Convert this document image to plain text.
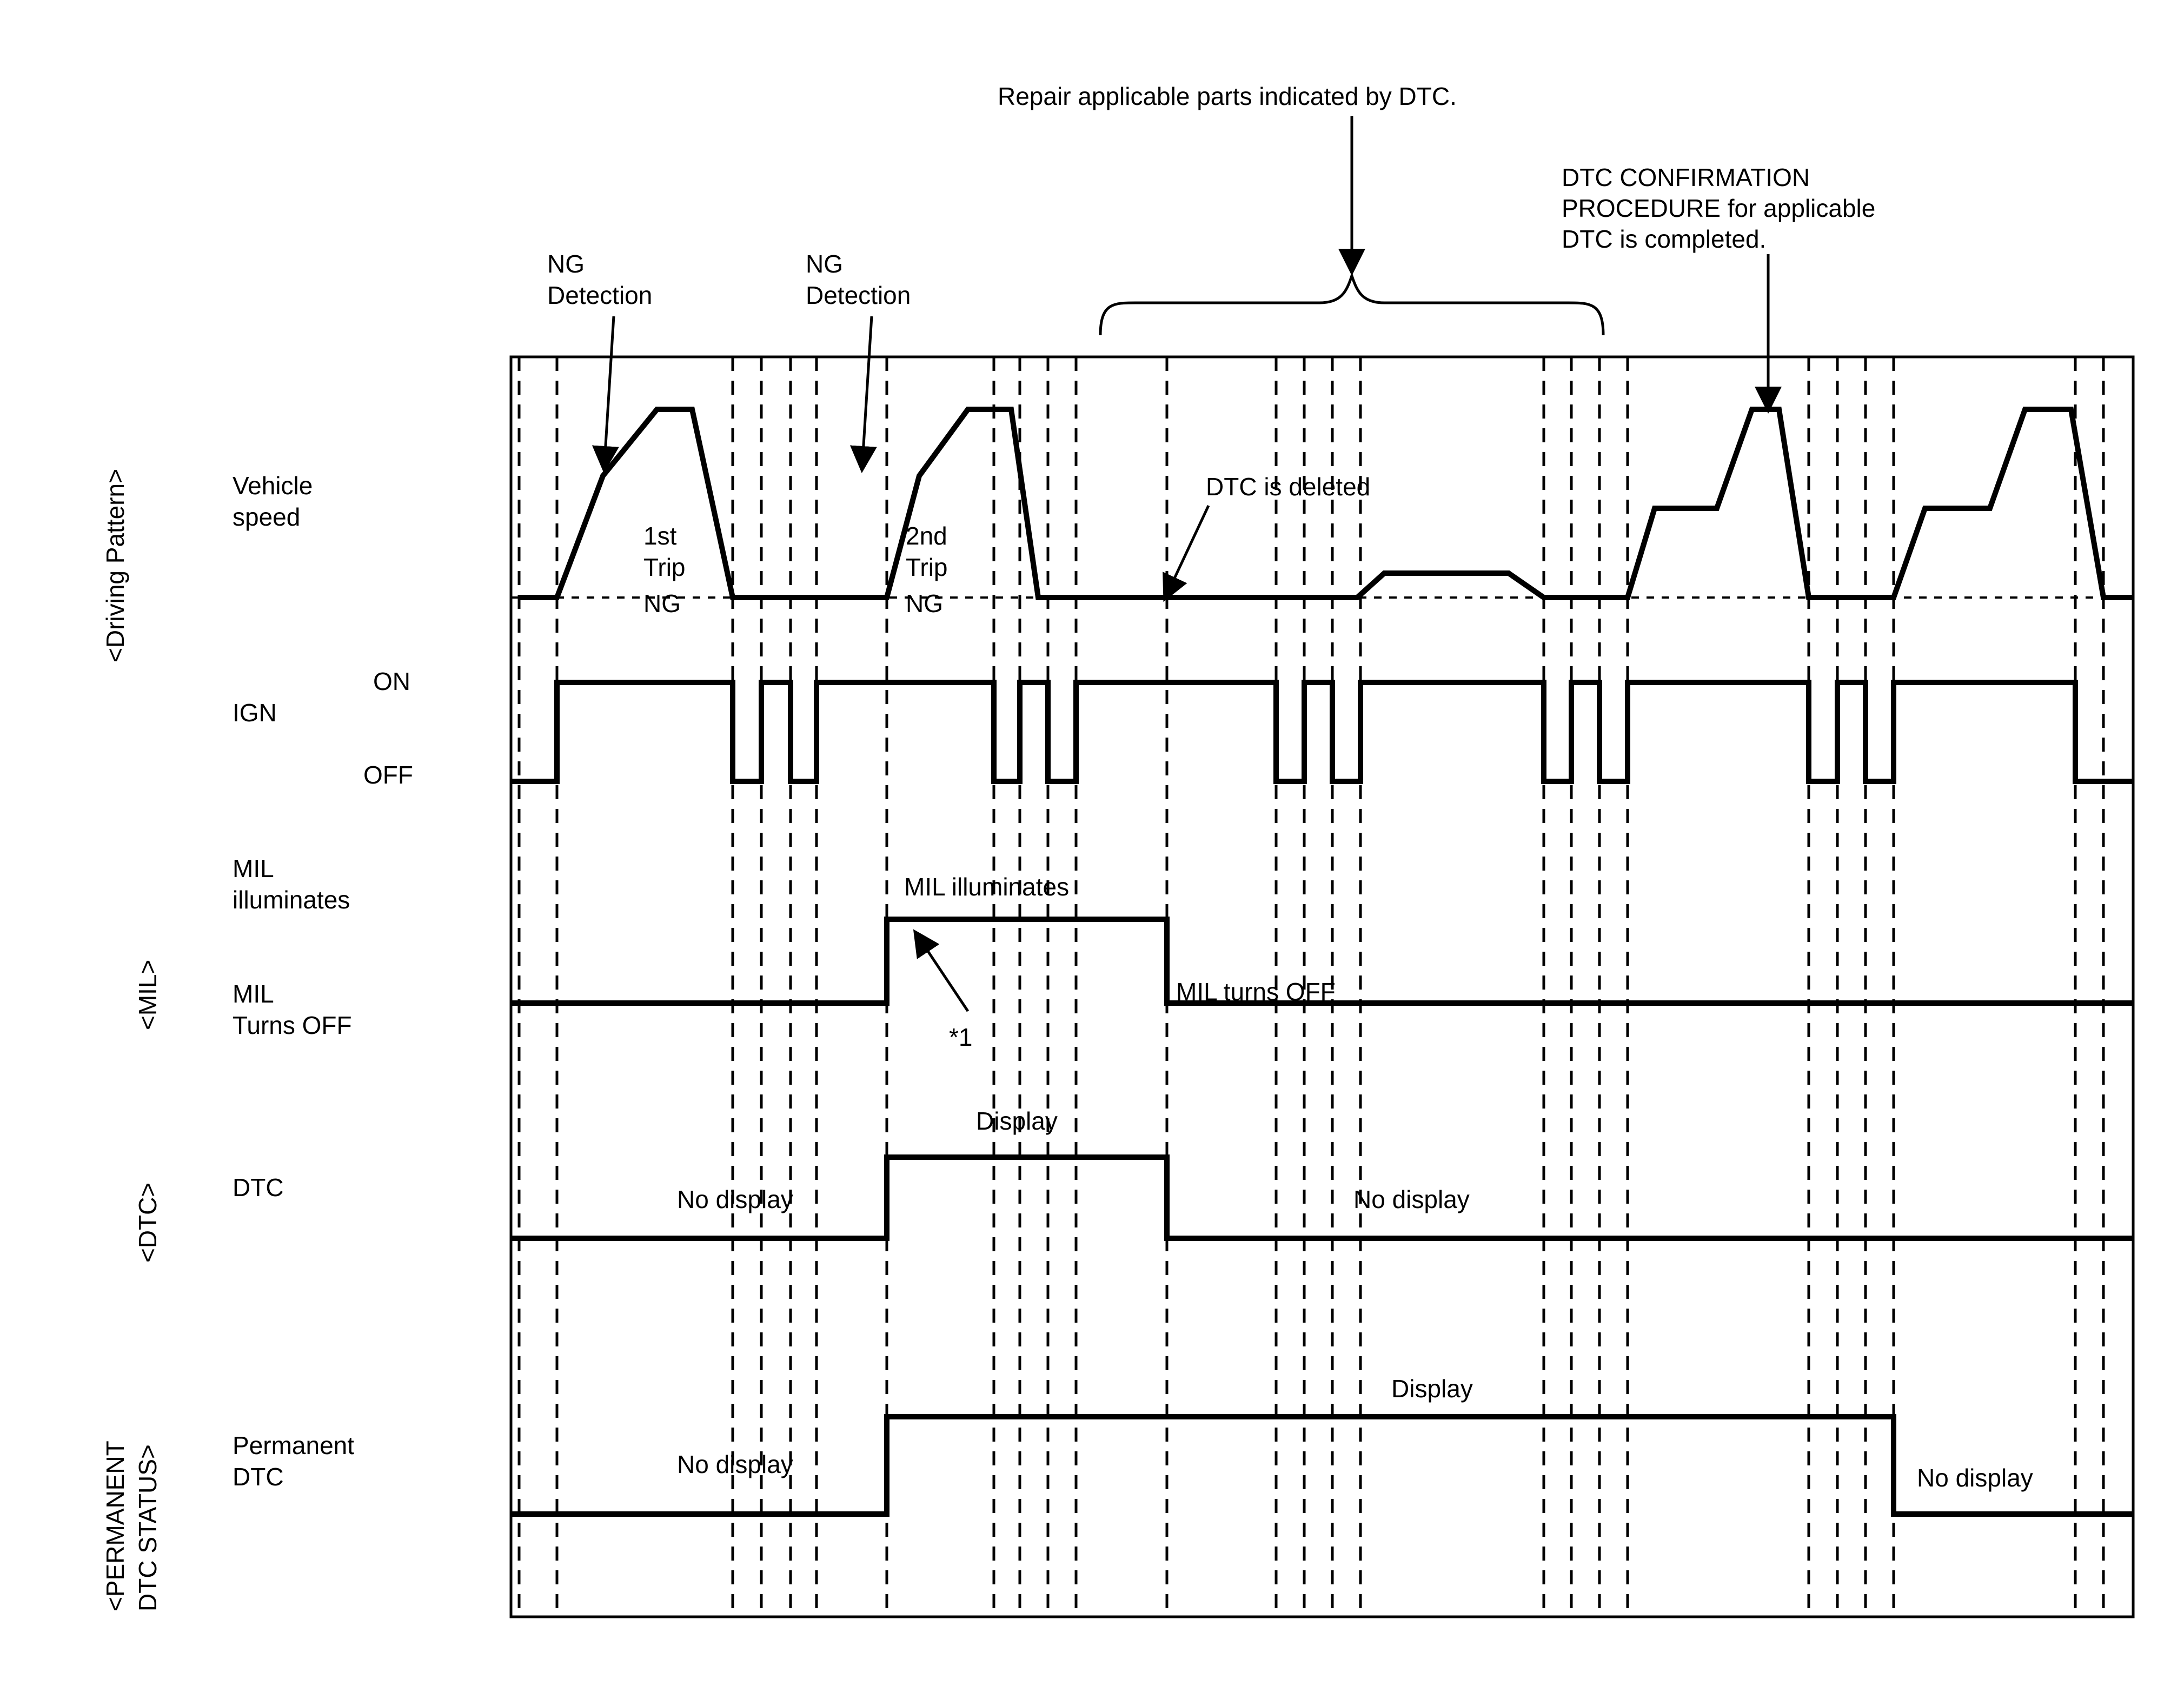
Repair applicable parts indicated by DTC.
DTC CONFIRMATION
PROCEDURE for applicable
DTC is completed.
NG
Detection
NG
Detection
<Driving Pattern>
<MIL>
<DTC>
<PERMANENT DTC STATUS>
Vehicle
speed
IGN
ON
OFF
MIL
illuminates
MIL
Turns OFF
DTC
Permanent
DTC
1st
Trip
NG
2nd
Trip
NG
DTC is deleted
MIL illuminates
*1
MIL turns OFF
Display
No display	No display
Display
No display	No display
